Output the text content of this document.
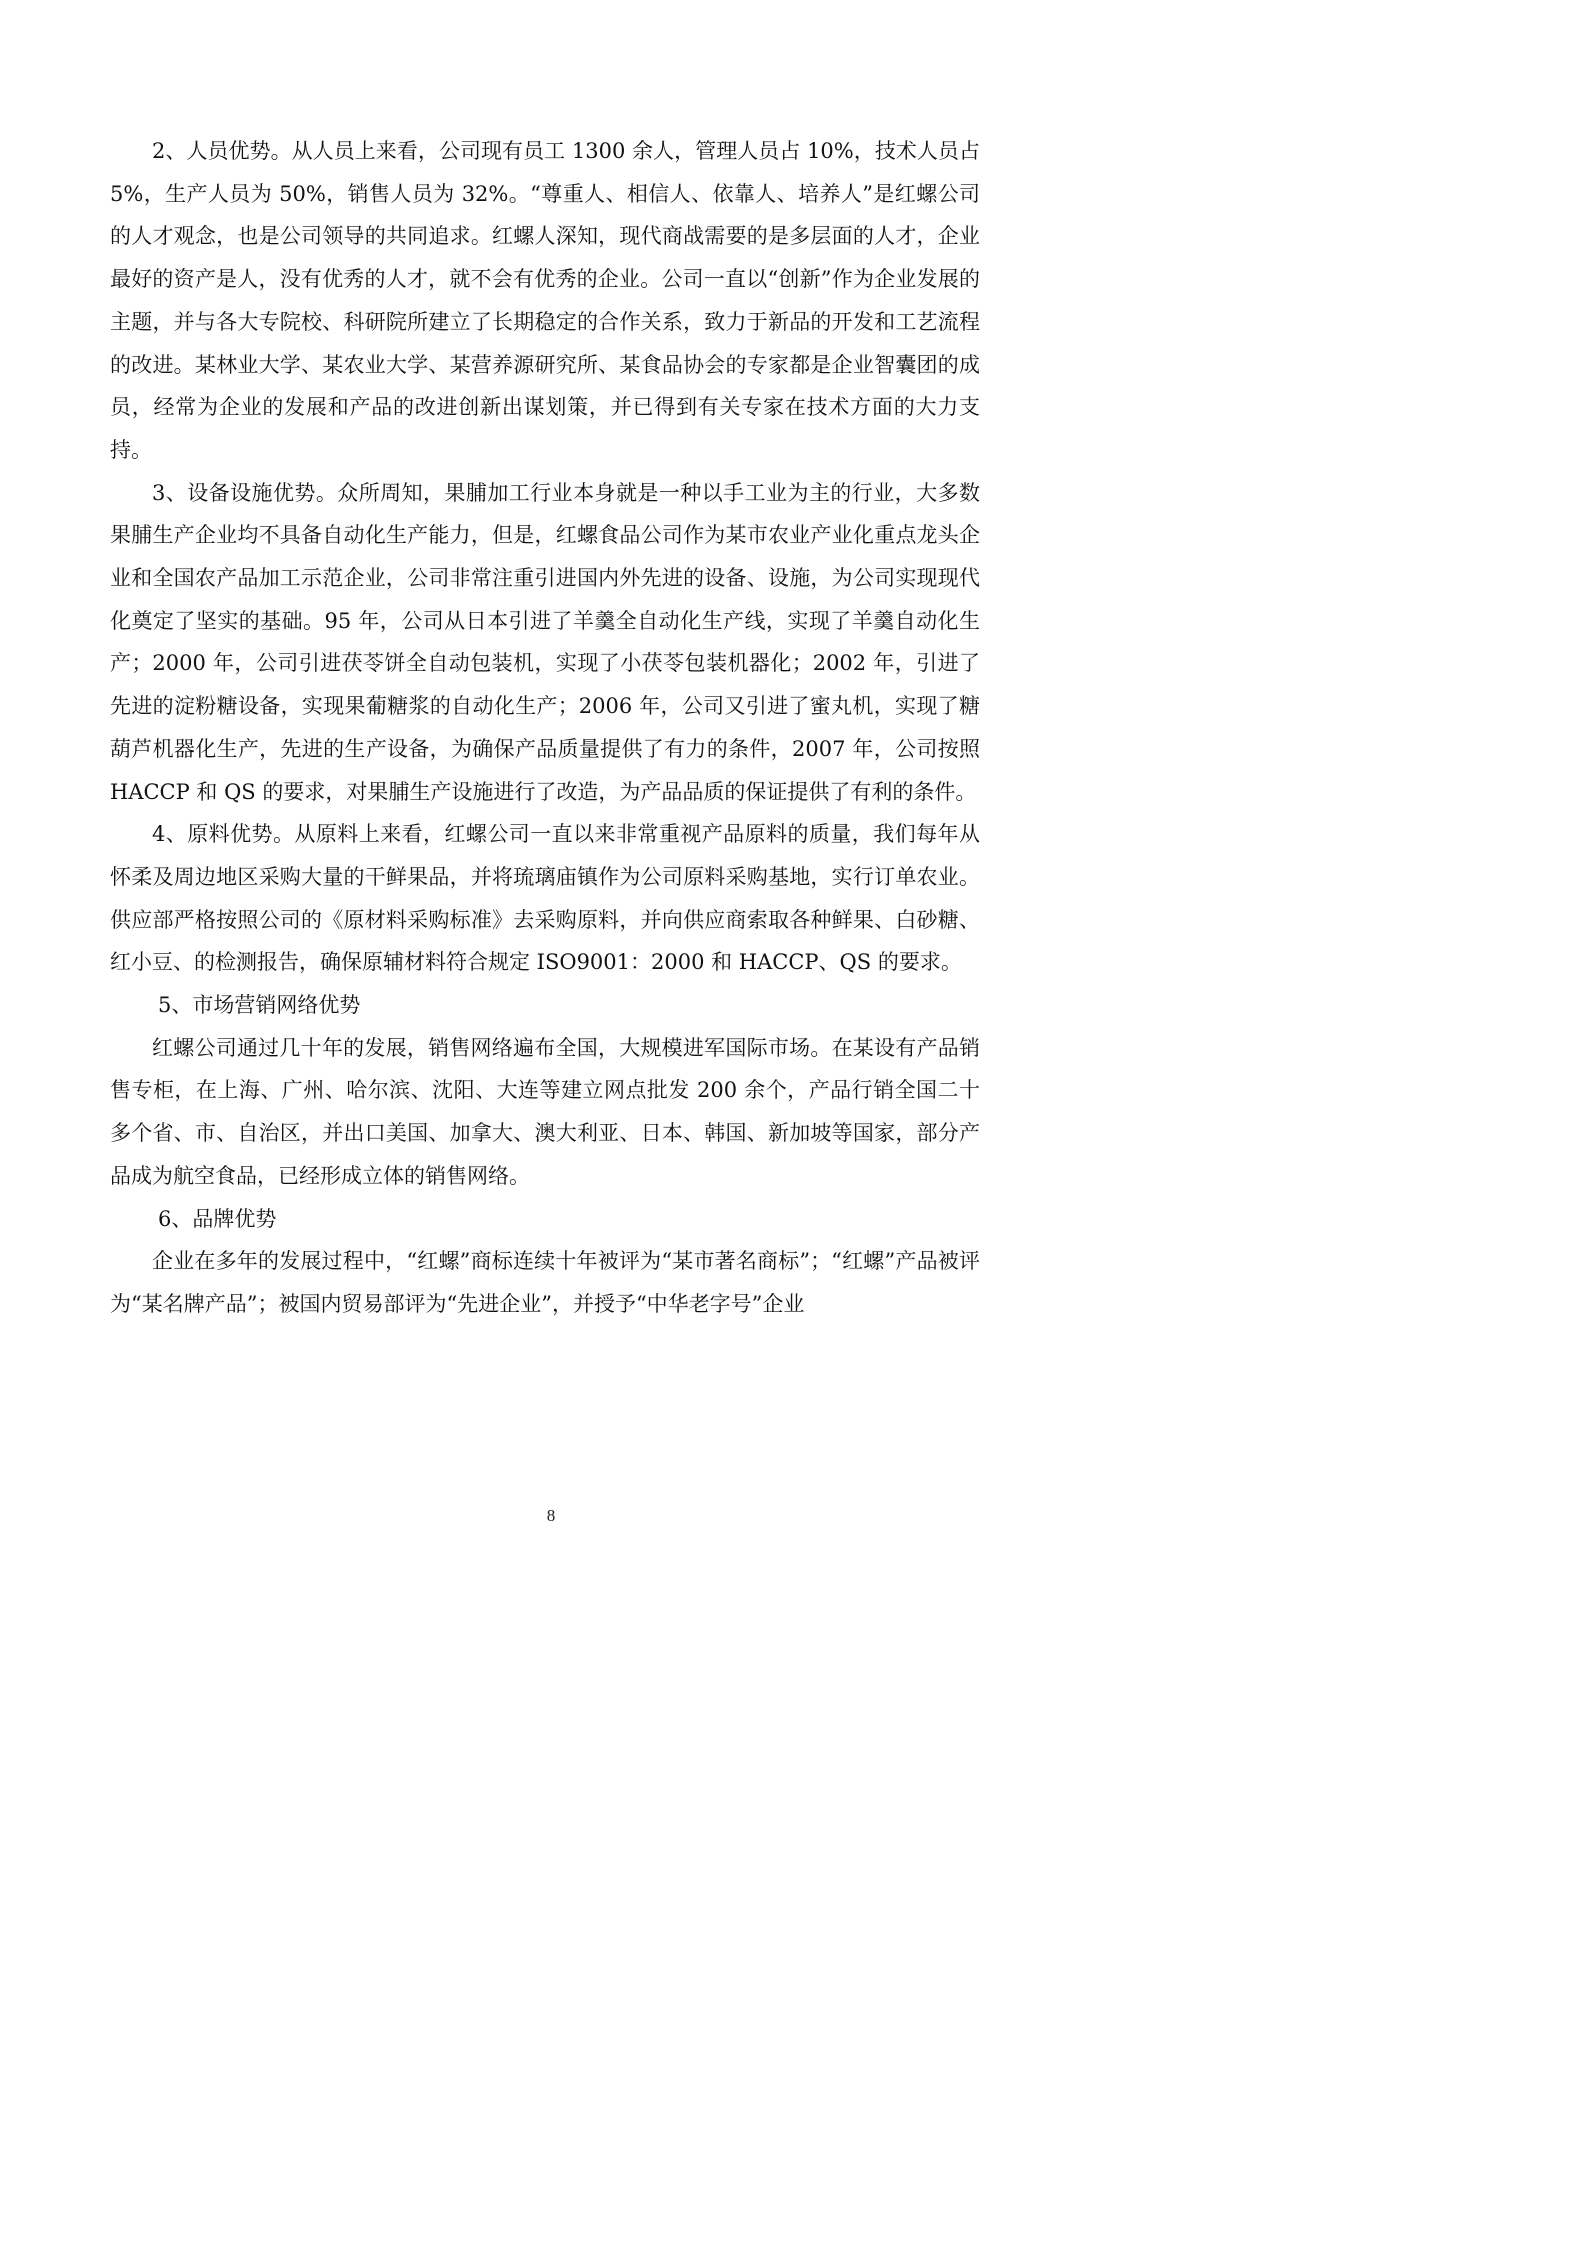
2、人员优势。从人员上来看，公司现有员工 1300 余人，管理人员占 10%，技术人员占 5%，生产人员为 50%，销售人员为 32%。“尊重人、相信人、依靠人、培养人”是红螺公司的人才观念，也是公司领导的共同追求。红螺人深知，现代商战需要的是多层面的人才，企业最好的资产是人，没有优秀的人才，就不会有优秀的企业。公司一直以“创新”作为企业发展的主题，并与各大专院校、科研院所建立了长期稳定的合作关系，致力于新品的开发和工艺流程的改进。某林业大学、某农业大学、某营养源研究所、某食品协会的专家都是企业智囊团的成员，经常为企业的发展和产品的改进创新出谋划策，并已得到有关专家在技术方面的大力支持。

3、设备设施优势。众所周知，果脯加工行业本身就是一种以手工业为主的行业，大多数果脯生产企业均不具备自动化生产能力，但是，红螺食品公司作为某市农业产业化重点龙头企业和全国农产品加工示范企业，公司非常注重引进国内外先进的设备、设施，为公司实现现代化奠定了坚实的基础。95 年，公司从日本引进了羊羹全自动化生产线，实现了羊羹自动化生产；2000 年，公司引进茯苓饼全自动包装机，实现了小茯苓包装机器化；2002 年，引进了先进的淀粉糖设备，实现果葡糖浆的自动化生产；2006 年，公司又引进了蜜丸机，实现了糖葫芦机器化生产，先进的生产设备，为确保产品质量提供了有力的条件，2007 年，公司按照 HACCP 和 QS 的要求，对果脯生产设施进行了改造，为产品品质的保证提供了有利的条件。

4、原料优势。从原料上来看，红螺公司一直以来非常重视产品原料的质量，我们每年从怀柔及周边地区采购大量的干鲜果品，并将琉璃庙镇作为公司原料采购基地，实行订单农业。供应部严格按照公司的《原材料采购标准》去采购原料，并向供应商索取各种鲜果、白砂糖、红小豆、的检测报告，确保原辅材料符合规定 ISO9001：2000 和 HACCP、QS 的要求。

5、市场营销网络优势

红螺公司通过几十年的发展，销售网络遍布全国，大规模进军国际市场。在某设有产品销售专柜，在上海、广州、哈尔滨、沈阳、大连等建立网点批发 200 余个，产品行销全国二十多个省、市、自治区，并出口美国、加拿大、澳大利亚、日本、韩国、新加坡等国家，部分产品成为航空食品，已经形成立体的销售网络。

6、品牌优势

企业在多年的发展过程中，“红螺”商标连续十年被评为“某市著名商标”；“红螺”产品被评为“某名牌产品”；被国内贸易部评为“先进企业”，并授予“中华老字号”企业

8
